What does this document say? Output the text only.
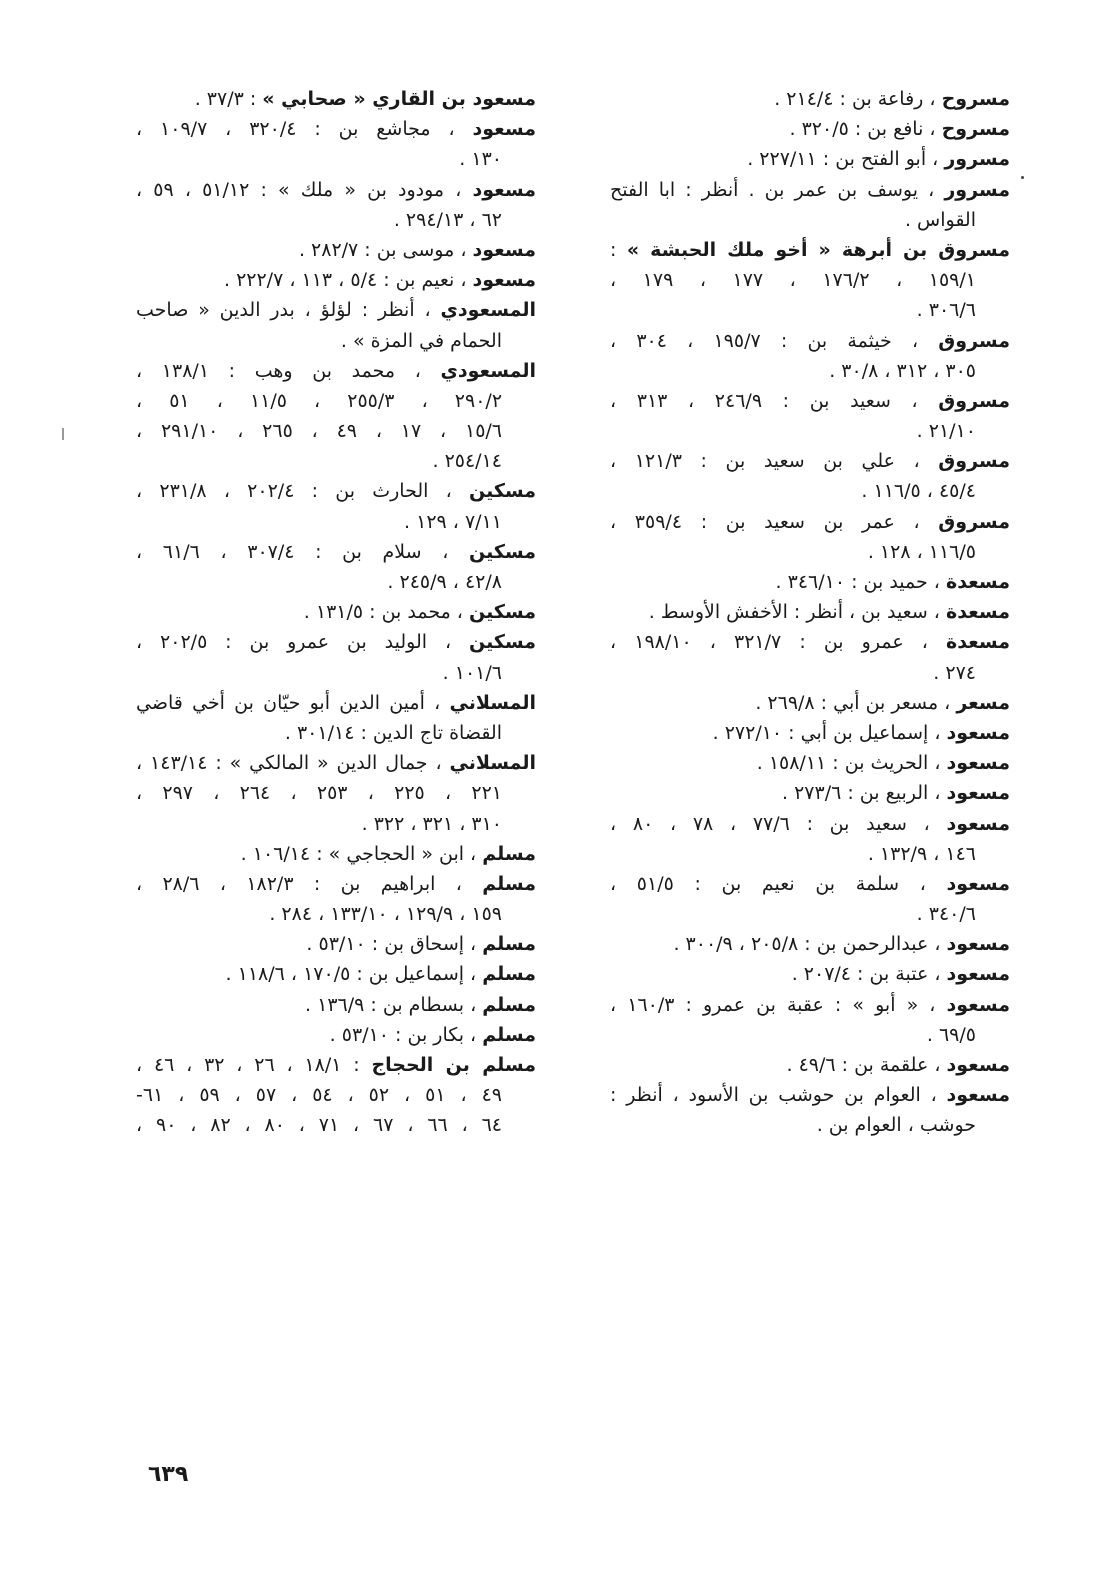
مسروح ، رفاعة بن : ٢١٤/٤ .
مسروح ، نافع بن : ٣٢٠/٥ .
مسرور ، أبو الفتح بن : ٢٢٧/١١ .
مسرور ، يوسف بن عمر بن . أنظر : ابا الفتح
القواس .
مسروق بن أبرهة « أخو ملك الحبشة » :
١٥٩/١ ، ١٧٦/٢ ، ١٧٧ ، ١٧٩ ،
٣٠٦/٦ .
مسروق ، خيثمة بن : ١٩٥/٧ ، ٣٠٤ ،
٣٠٥ ، ٣١٢ ، ٣٠/٨ .
مسروق ، سعيد بن : ٢٤٦/٩ ، ٣١٣ ،
٢١/١٠ .
مسروق ، علي بن سعيد بن : ١٢١/٣ ،
٤٥/٤ ، ١١٦/٥ .
مسروق ، عمر بن سعيد بن : ٣٥٩/٤ ،
١١٦/٥ ، ١٢٨ .
مسعدة ، حميد بن : ٣٤٦/١٠ .
مسعدة ، سعيد بن ، أنظر : الأخفش الأوسط .
مسعدة ، عمرو بن : ٣٢١/٧ ، ١٩٨/١٠ ،
٢٧٤ .
مسعر ، مسعر بن أبي : ٢٦٩/٨ .
مسعود ، إسماعيل بن أبي : ٢٧٢/١٠ .
مسعود ، الحريث بن : ١٥٨/١١ .
مسعود ، الربيع بن : ٢٧٣/٦ .
مسعود ، سعيد بن : ٧٧/٦ ، ٧٨ ، ٨٠ ،
١٤٦ ، ١٣٢/٩ .
مسعود ، سلمة بن نعيم بن : ٥١/٥ ،
٣٤٠/٦ .
مسعود ، عبدالرحمن بن : ٢٠٥/٨ ، ٣٠٠/٩ .
مسعود ، عتبة بن : ٢٠٧/٤ .
مسعود ، « أبو » : عقبة بن عمرو : ١٦٠/٣ ،
٦٩/٥ .
مسعود ، علقمة بن : ٤٩/٦ .
مسعود ، العوام بن حوشب بن الأسود ، أنظر :
حوشب ، العوام بن .
مسعود بن القاري « صحابي » : ٣٧/٣ .
مسعود ، مجاشع بن : ٣٢٠/٤ ، ١٠٩/٧ ،
١٣٠ .
مسعود ، مودود بن « ملك » : ٥١/١٢ ، ٥٩ ،
٦٢ ، ٢٩٤/١٣ .
مسعود ، موسى بن : ٢٨٢/٧ .
مسعود ، نعيم بن : ٥/٤ ، ١١٣ ، ٢٢٢/٧ .
المسعودي ، أنظر : لؤلؤ ، بدر الدين « صاحب
الحمام في المزة » .
المسعودي ، محمد بن وهب : ١٣٨/١ ،
٢٩٠/٢ ، ٢٥٥/٣ ، ١١/٥ ، ٥١ ،
١٥/٦ ، ١٧ ، ٤٩ ، ٢٦٥ ، ٢٩١/١٠ ،
٢٥٤/١٤ .
مسكين ، الحارث بن : ٢٠٢/٤ ، ٢٣١/٨ ،
٧/١١ ، ١٢٩ .
مسكين ، سلام بن : ٣٠٧/٤ ، ٦١/٦ ،
٤٢/٨ ، ٢٤٥/٩ .
مسكين ، محمد بن : ١٣١/٥ .
مسكين ، الوليد بن عمرو بن : ٢٠٢/٥ ،
١٠١/٦ .
المسلاني ، أمين الدين أبو حيّان بن أخي قاضي
القضاة تاج الدين : ٣٠١/١٤ .
المسلاني ، جمال الدين « المالكي » : ١٤٣/١٤ ،
٢٢١ ، ٢٢٥ ، ٢٥٣ ، ٢٦٤ ، ٢٩٧ ،
٣١٠ ، ٣٢١ ، ٣٢٢ .
مسلم ، ابن « الحجاجي » : ١٠٦/١٤ .
مسلم ، ابراهيم بن : ١٨٢/٣ ، ٢٨/٦ ،
١٥٩ ، ١٢٩/٩ ، ١٣٣/١٠ ، ٢٨٤ .
مسلم ، إسحاق بن : ٥٣/١٠ .
مسلم ، إسماعيل بن : ١٧٠/٥ ، ١١٨/٦ .
مسلم ، بسطام بن : ١٣٦/٩ .
مسلم ، بكار بن : ٥٣/١٠ .
مسلم بن الحجاج : ١٨/١ ، ٢٦ ، ٣٢ ، ٤٦ ،
٤٩ ، ٥١ ، ٥٢ ، ٥٤ ، ٥٧ ، ٥٩ ، ٦١-
٦٤ ، ٦٦ ، ٦٧ ، ٧١ ، ٨٠ ، ٨٢ ، ٩٠ ،
٦٣٩
